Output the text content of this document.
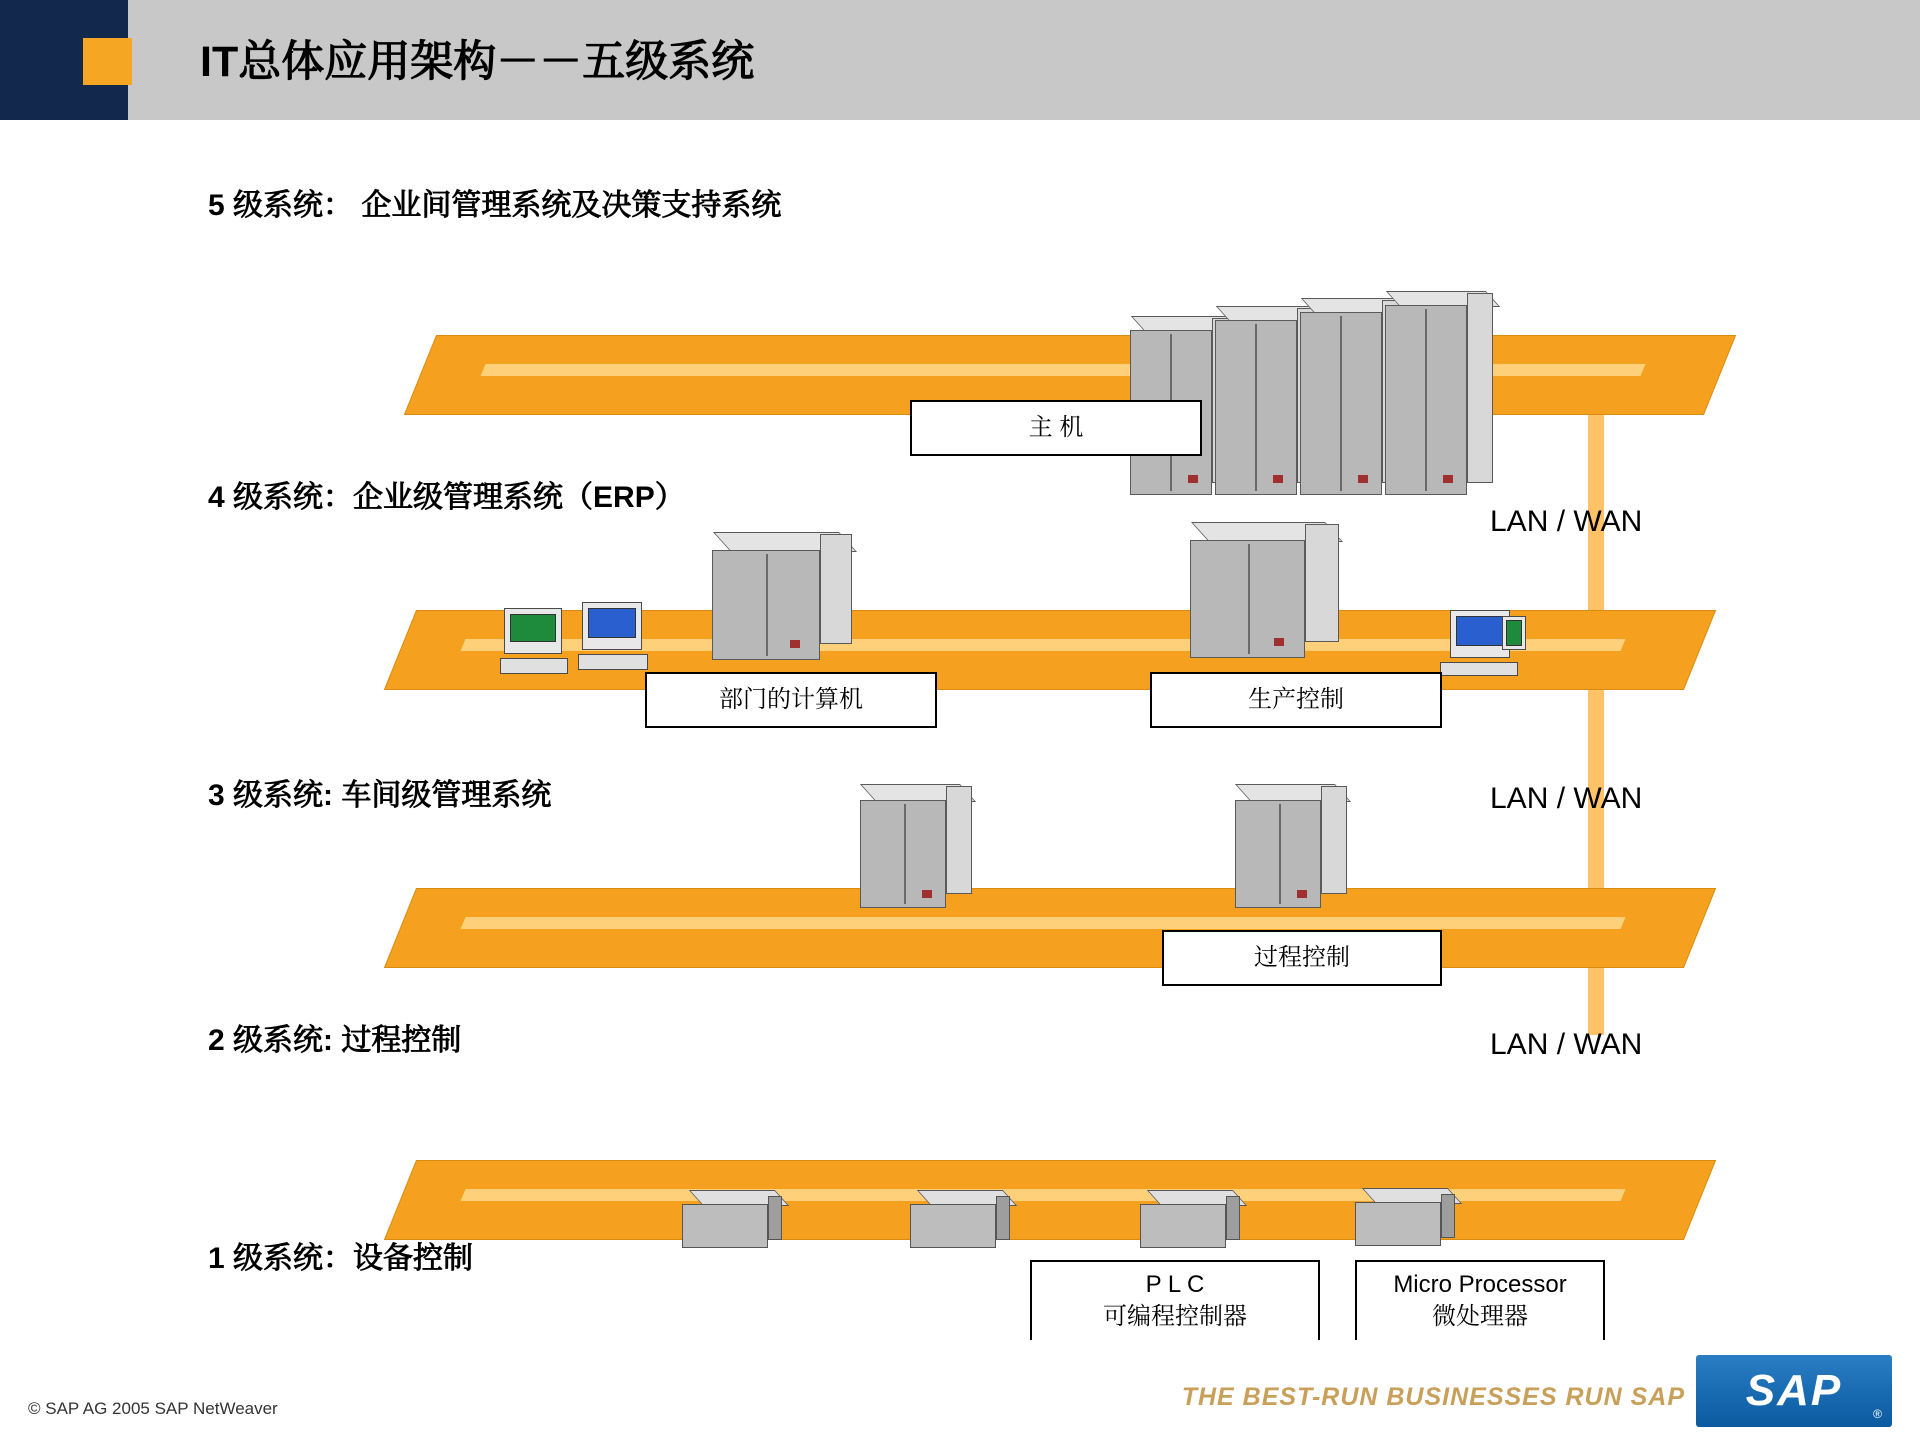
IT总体应用架构－－五级系统
5 级系统： 企业间管理系统及决策支持系统
4 级系统：企业级管理系统（ERP）
3 级系统: 车间级管理系统
2 级系统: 过程控制
1 级系统：设备控制
LAN / WAN
LAN / WAN
LAN / WAN
主 机
部门的计算机	生产控制
过程控制
P L C
可编程控制器
Micro Processor
微处理器
© SAP AG 2005 SAP NetWeaver	THE BEST-RUN BUSINESSES RUN SAP SAP	®
